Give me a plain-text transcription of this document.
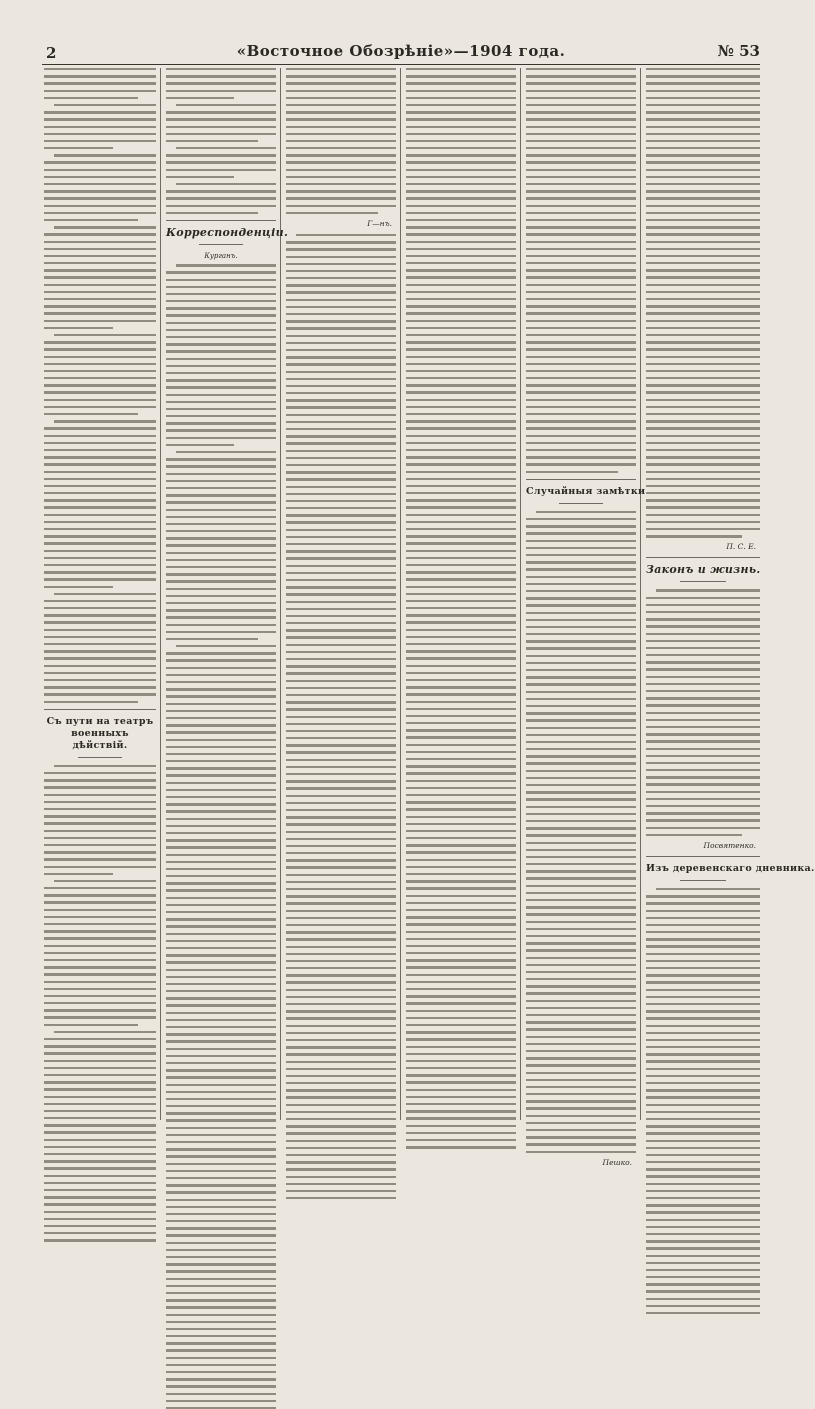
2	«Восточное Обозрѣніе»—1904 года.	№ 53
Съ пути на театръ военныхъ дѣйствій.
Корреспонденціи.
Курганъ.
Г—нъ.
Случайныя замѣтки
Пешко.
П. С. Е.
Законъ и жизнь.
Посвятенко.
Изъ деревенскаго дневника.
